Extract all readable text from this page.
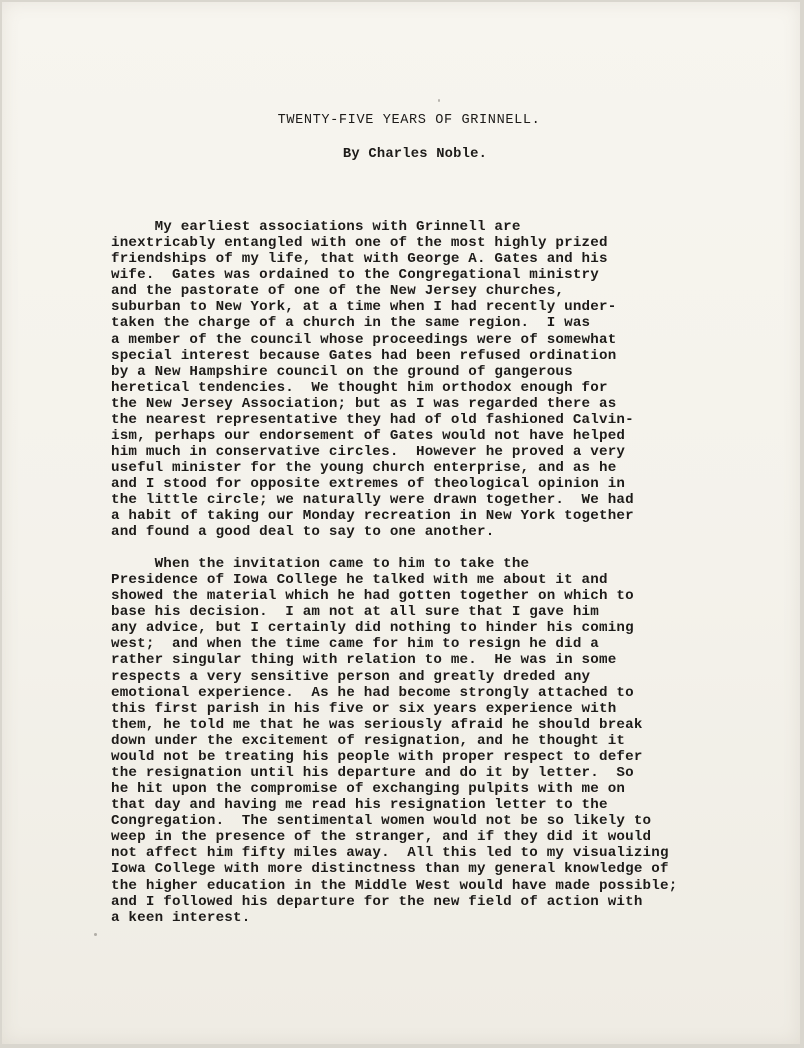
TWENTY-FIVE YEARS OF GRINNELL.
By Charles Noble.
My earliest associations with Grinnell are
inextricably entangled with one of the most highly prized
friendships of my life, that with George A. Gates and his
wife.  Gates was ordained to the Congregational ministry
and the pastorate of one of the New Jersey churches,
suburban to New York, at a time when I had recently under-
taken the charge of a church in the same region.  I was
a member of the council whose proceedings were of somewhat
special interest because Gates had been refused ordination
by a New Hampshire council on the ground of gangerous
heretical tendencies.  We thought him orthodox enough for
the New Jersey Association; but as I was regarded there as
the nearest representative they had of old fashioned Calvin-
ism, perhaps our endorsement of Gates would not have helped
him much in conservative circles.  However he proved a very
useful minister for the young church enterprise, and as he
and I stood for opposite extremes of theological opinion in
the little circle; we naturally were drawn together.  We had
a habit of taking our Monday recreation in New York together
and found a good deal to say to one another.
When the invitation came to him to take the
Presidence of Iowa College he talked with me about it and
showed the material which he had gotten together on which to
base his decision.  I am not at all sure that I gave him
any advice, but I certainly did nothing to hinder his coming
west;  and when the time came for him to resign he did a
rather singular thing with relation to me.  He was in some
respects a very sensitive person and greatly dreded any
emotional experience.  As he had become strongly attached to
this first parish in his five or six years experience with
them, he told me that he was seriously afraid he should break
down under the excitement of resignation, and he thought it
would not be treating his people with proper respect to defer
the resignation until his departure and do it by letter.  So
he hit upon the compromise of exchanging pulpits with me on
that day and having me read his resignation letter to the
Congregation.  The sentimental women would not be so likely to
weep in the presence of the stranger, and if they did it would
not affect him fifty miles away.  All this led to my visualizing
Iowa College with more distinctness than my general knowledge of
the higher education in the Middle West would have made possible;
and I followed his departure for the new field of action with
a keen interest.
